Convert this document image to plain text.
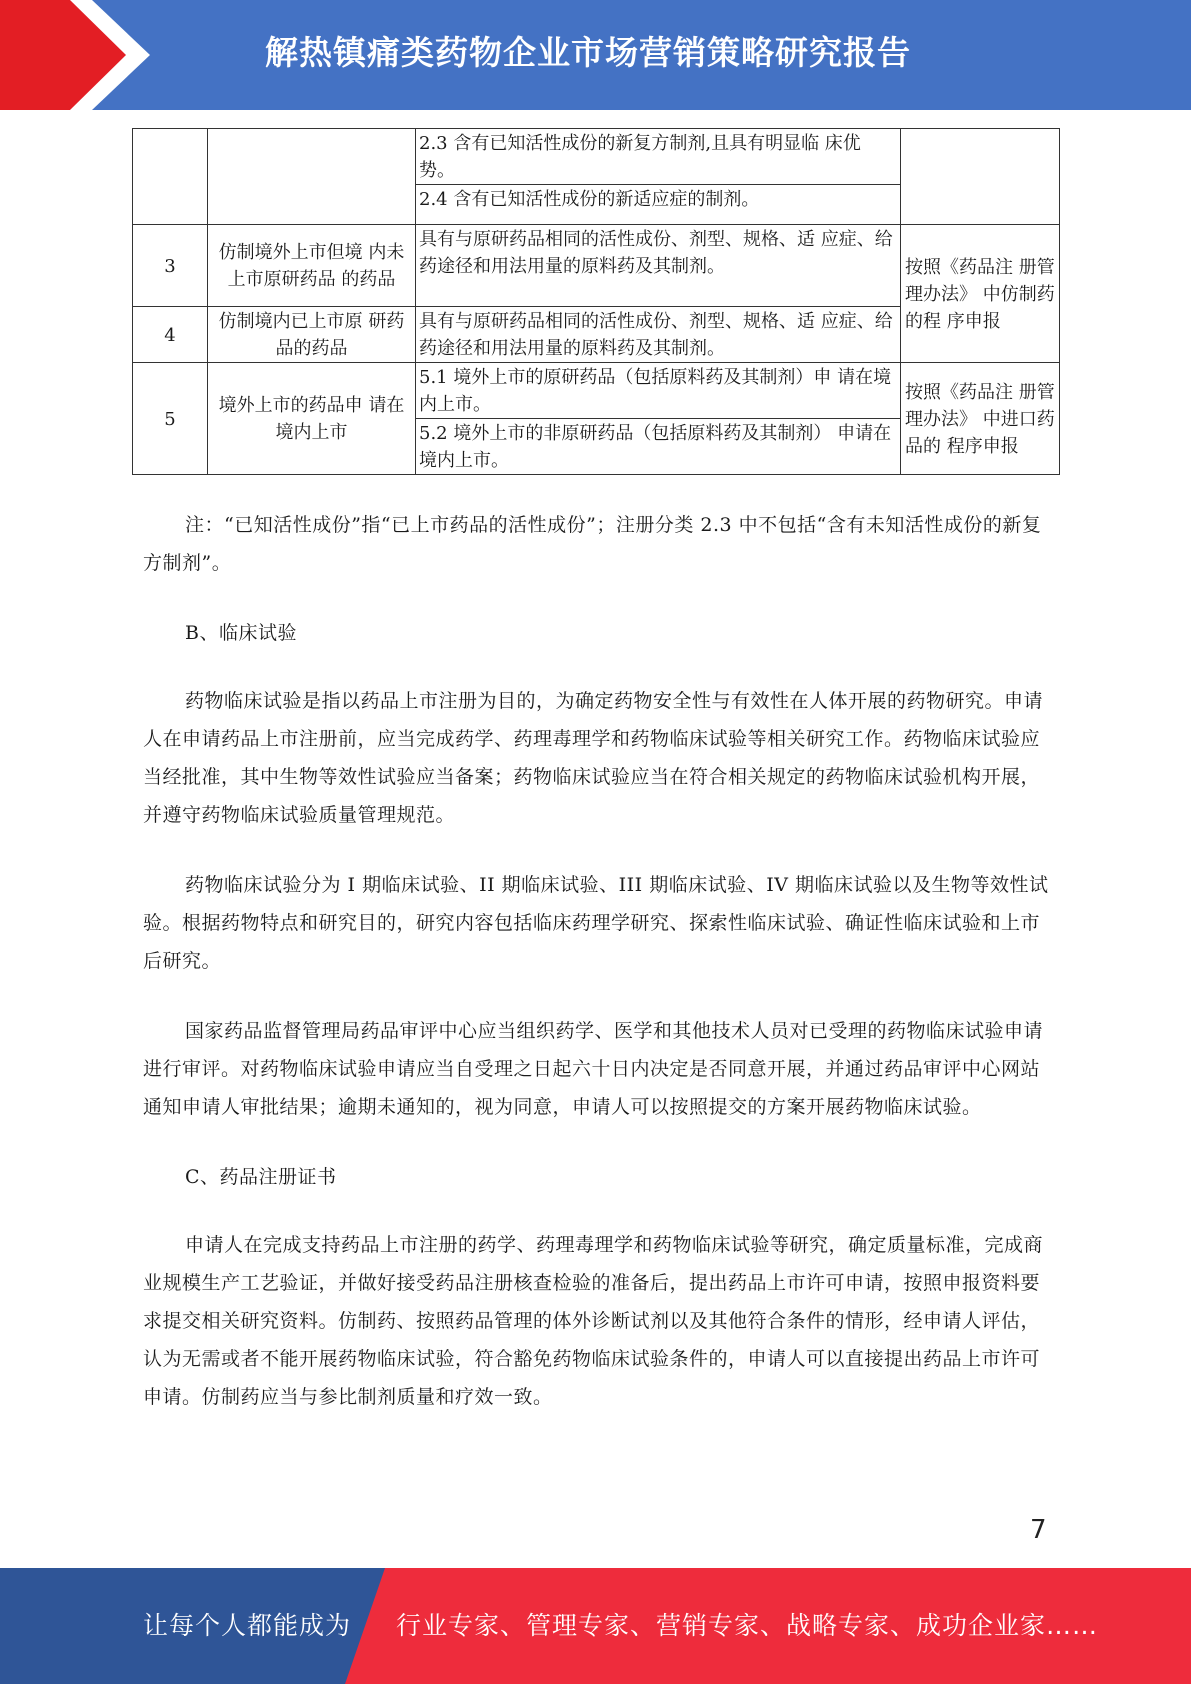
解热镇痛类药物企业市场营销策略研究报告
		2.3 含有已知活性成份的新复方制剂,且具有明显临 床优势。	
		2.4 含有已知活性成份的新适应症的制剂。	
3	仿制境外上市但境 内未上市原研药品 的药品	具有与原研药品相同的活性成份、剂型、规格、适 应症、给药途径和用法用量的原料药及其制剂。	按照《药品注 册管理办法》 中仿制药的程 序申报
4	仿制境内已上市原 研药品的药品	具有与原研药品相同的活性成份、剂型、规格、适 应症、给药途径和用法用量的原料药及其制剂。	
5	境外上市的药品申 请在境内上市	5.1 境外上市的原研药品（包括原料药及其制剂）申 请在境内上市。	按照《药品注 册管理办法》 中进口药品的 程序申报
		5.2 境外上市的非原研药品（包括原料药及其制剂） 申请在境内上市。	

注：“已知活性成份”指“已上市药品的活性成份”；注册分类 2.3 中不包括“含有未知活性成份的新复方制剂”。

B、临床试验

药物临床试验是指以药品上市注册为目的，为确定药物安全性与有效性在人体开展的药物研究。申请人在申请药品上市注册前，应当完成药学、药理毒理学和药物临床试验等相关研究工作。药物临床试验应当经批准，其中生物等效性试验应当备案；药物临床试验应当在符合相关规定的药物临床试验机构开展，并遵守药物临床试验质量管理规范。

药物临床试验分为 I 期临床试验、II 期临床试验、III 期临床试验、IV 期临床试验以及生物等效性试验。根据药物特点和研究目的，研究内容包括临床药理学研究、探索性临床试验、确证性临床试验和上市后研究。

国家药品监督管理局药品审评中心应当组织药学、医学和其他技术人员对已受理的药物临床试验申请进行审评。对药物临床试验申请应当自受理之日起六十日内决定是否同意开展，并通过药品审评中心网站通知申请人审批结果；逾期未通知的，视为同意，申请人可以按照提交的方案开展药物临床试验。

C、药品注册证书

申请人在完成支持药品上市注册的药学、药理毒理学和药物临床试验等研究，确定质量标准，完成商业规模生产工艺验证，并做好接受药品注册核查检验的准备后，提出药品上市许可申请，按照申报资料要求提交相关研究资料。仿制药、按照药品管理的体外诊断试剂以及其他符合条件的情形，经申请人评估，认为无需或者不能开展药物临床试验，符合豁免药物临床试验条件的，申请人可以直接提出药品上市许可申请。仿制药应当与参比制剂质量和疗效一致。

7
让每个人都能成为 行业专家、管理专家、营销专家、战略专家、成功企业家……
